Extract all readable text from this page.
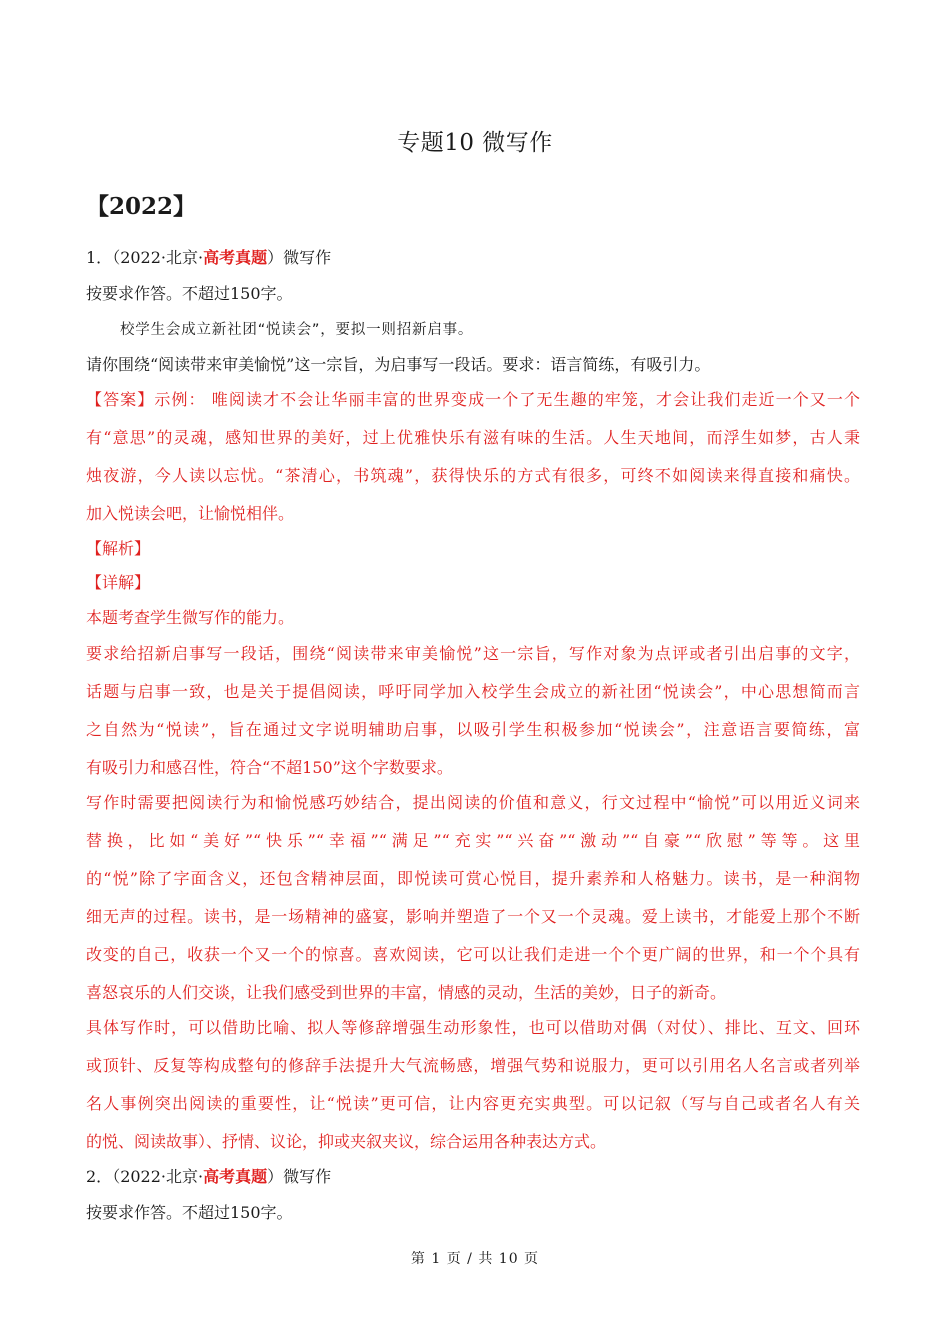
专题10 微写作
【2022】
1．（2022·北京·高考真题）微写作
按要求作答。不超过150字。
校学生会成立新社团“悦读会”，要拟一则招新启事。
请你围绕“阅读带来审美愉悦”这一宗旨，为启事写一段话。要求：语言简练，有吸引力。
【答案】示例： 唯阅读才不会让华丽丰富的世界变成一个了无生趣的牢笼，才会让我们走近一个又一个
有“意思”的灵魂，感知世界的美好，过上优雅快乐有滋有味的生活。人生天地间，而浮生如梦，古人秉
烛夜游，今人读以忘忧。“茶清心，书筑魂”，获得快乐的方式有很多，可终不如阅读来得直接和痛快。
加入悦读会吧，让愉悦相伴。
【解析】
【详解】
本题考查学生微写作的能力。
要求给招新启事写一段话，围绕“阅读带来审美愉悦”这一宗旨，写作对象为点评或者引出启事的文字，
话题与启事一致，也是关于提倡阅读，呼吁同学加入校学生会成立的新社团“悦读会”，中心思想简而言
之自然为“悦读”，旨在通过文字说明辅助启事，以吸引学生积极参加“悦读会”，注意语言要简练，富
有吸引力和感召性，符合“不超150”这个字数要求。
写作时需要把阅读行为和愉悦感巧妙结合，提出阅读的价值和意义，行文过程中“愉悦”可以用近义词来
替换，比如“美好”“快乐”“幸福”“满足”“充实”“兴奋”“激动”“自豪”“欣慰”等等。这里
的“悦”除了字面含义，还包含精神层面，即悦读可赏心悦目，提升素养和人格魅力。读书，是一种润物
细无声的过程。读书，是一场精神的盛宴，影响并塑造了一个又一个灵魂。爱上读书，才能爱上那个不断
改变的自己，收获一个又一个的惊喜。喜欢阅读，它可以让我们走进一个个更广阔的世界，和一个个具有
喜怒哀乐的人们交谈，让我们感受到世界的丰富，情感的灵动，生活的美妙，日子的新奇。
具体写作时，可以借助比喻、拟人等修辞增强生动形象性，也可以借助对偶（对仗）、排比、互文、回环
或顶针、反复等构成整句的修辞手法提升大气流畅感，增强气势和说服力，更可以引用名人名言或者列举
名人事例突出阅读的重要性，让“悦读”更可信，让内容更充实典型。可以记叙（写与自己或者名人有关
的悦、阅读故事）、抒情、议论，抑或夹叙夹议，综合运用各种表达方式。
2．（2022·北京·高考真题）微写作
按要求作答。不超过150字。
第 1 页 / 共 10 页
